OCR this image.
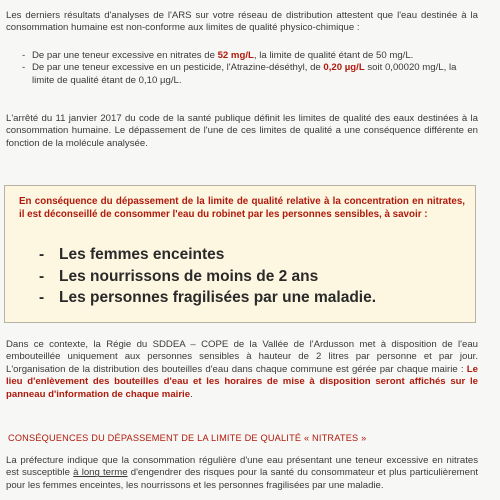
Les derniers résultats d'analyses de l'ARS sur votre réseau de distribution attestent que l'eau destinée à la consommation humaine est non-conforme aux limites de qualité physico-chimique :

- De par une teneur excessive en nitrates de 52 mg/L, la limite de qualité étant de 50 mg/L.
- De par une teneur excessive en un pesticide, l'Atrazine-déséthyl, de 0,20 µg/L soit 0,00020 mg/L, la limite de qualité étant de 0,10 µg/L.

L'arrêté du 11 janvier 2017 du code de la santé publique définit les limites de qualité des eaux destinées à la consommation humaine. Le dépassement de l'une de ces limites de qualité a une conséquence différente en fonction de la molécule analysée.

En conséquence du dépassement de la limite de qualité relative à la concentration en nitrates, il est déconseillé de consommer l'eau du robinet par les personnes sensibles, à savoir :

- Les femmes enceintes
- Les nourrissons de moins de 2 ans
- Les personnes fragilisées par une maladie.

Dans ce contexte, la Régie du SDDEA – COPE de la Vallée de l'Ardusson met à disposition de l'eau embouteillée uniquement aux personnes sensibles à hauteur de 2 litres par personne et par jour. L'organisation de la distribution des bouteilles d'eau dans chaque commune est gérée par chaque mairie : Le lieu d'enlèvement des bouteilles d'eau et les horaires de mise à disposition seront affichés sur le panneau d'information de chaque mairie.

CONSÉQUENCES DU DÉPASSEMENT DE LA LIMITE DE QUALITÉ « NITRATES »

La préfecture indique que la consommation régulière d'une eau présentant une teneur excessive en nitrates est susceptible à long terme d'engendrer des risques pour la santé du consommateur et plus particulièrement pour les femmes enceintes, les nourrissons et les personnes fragilisées par une maladie.
